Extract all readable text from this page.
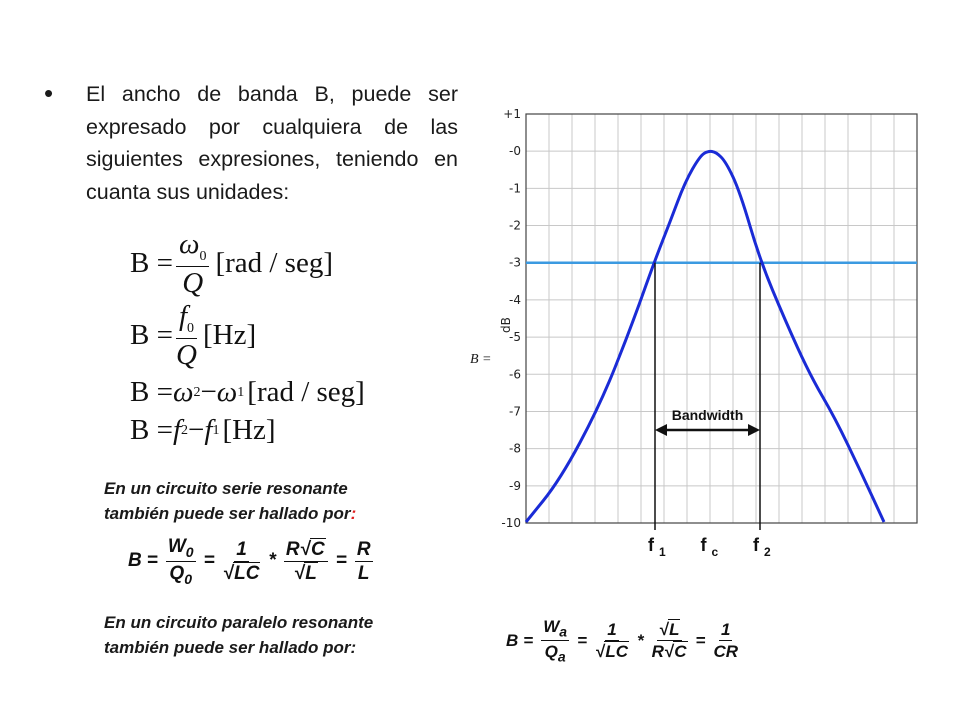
• El ancho de banda B, puede ser expresado por cualquiera de las siguientes expresiones, teniendo en cuanta sus unidades:
$B = \frac{\omega_0}{Q} [rad / seg]$
$B = \frac{f_0}{Q} [Hz]$
B = ω 2 − ω 1 [rad / seg]
B = f 2 − f 1 [Hz]
En un circuito serie resonante
también puede ser hallado por:
$B = \frac{W_0}{Q_0} = \frac{1}{√LC} * \frac{R√C}{√L} = \frac{R}{L}$
En un circuito paralelo resonante
también puede ser hallado por:	$B = \frac{W_a}{Q_a} = \frac{1}{√LC} * \frac{√L}{R√C} = \frac{1}{CR}$
B =
+1
-0
-1
-2
-3
-4
-5
-6
-7
-8
-9
-10
dB
Bandwidth
f 1 f c f 2
